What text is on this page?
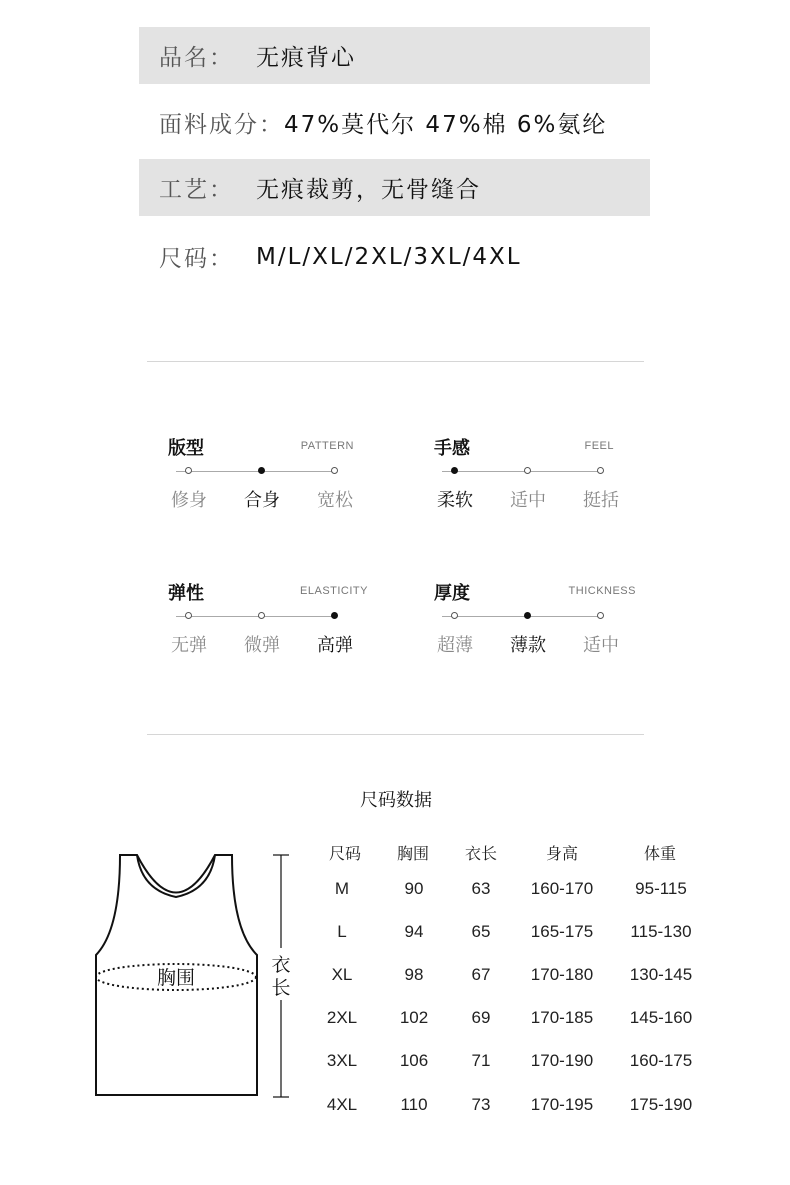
品名： 无痕背心
面料成分： 47%莫代尔 47%棉 6%氨纶
工艺： 无痕裁剪，无骨缝合
尺码： M/L/XL/2XL/3XL/4XL
版型	PATTERN
修身	合身	宽松
手感	FEEL
柔软	适中	挺括
弹性	ELASTICITY
无弹	微弹	高弹
厚度	THICKNESS
超薄	薄款	适中
尺码数据
胸围
衣
长
尺码	胸围	衣长	身高	体重
M	90	63	160-170	95-115
L	94	65	165-175	115-130
XL	98	67	170-180	130-145
2XL	102	69	170-185	145-160
3XL	106	71	170-190	160-175
4XL	110	73	170-195	175-190
